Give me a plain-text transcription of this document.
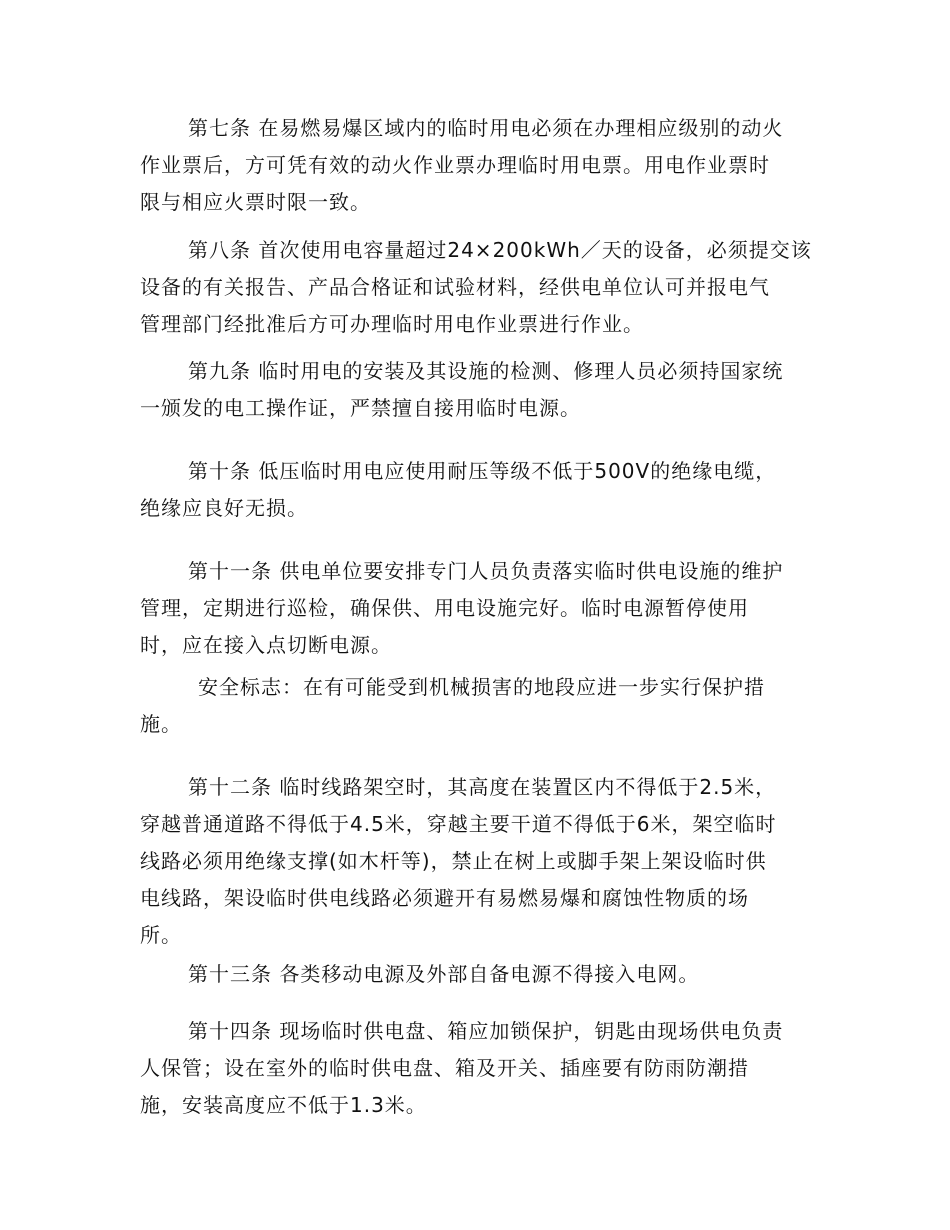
第七条 在易燃易爆区域内的临时用电必须在办理相应级别的动火
作业票后，方可凭有效的动火作业票办理临时用电票。用电作业票时
限与相应火票时限一致。
第八条 首次使用电容量超过24×200kWh／天的设备，必须提交该
设备的有关报告、产品合格证和试验材料，经供电单位认可并报电气
管理部门经批准后方可办理临时用电作业票进行作业。
第九条 临时用电的安装及其设施的检测、修理人员必须持国家统
一颁发的电工操作证，严禁擅自接用临时电源。
第十条 低压临时用电应使用耐压等级不低于500V的绝缘电缆，
绝缘应良好无损。
第十一条 供电单位要安排专门人员负责落实临时供电设施的维护
管理，定期进行巡检，确保供、用电设施完好。临时电源暂停使用
时，应在接入点切断电源。
安全标志：在有可能受到机械损害的地段应进一步实行保护措
施。
第十二条 临时线路架空时，其高度在装置区内不得低于2.5米，
穿越普通道路不得低于4.5米，穿越主要干道不得低于6米，架空临时
线路必须用绝缘支撑(如木杆等)，禁止在树上或脚手架上架设临时供
电线路，架设临时供电线路必须避开有易燃易爆和腐蚀性物质的场
所。
第十三条 各类移动电源及外部自备电源不得接入电网。
第十四条 现场临时供电盘、箱应加锁保护，钥匙由现场供电负责
人保管；设在室外的临时供电盘、箱及开关、插座要有防雨防潮措
施，安装高度应不低于1.3米。
